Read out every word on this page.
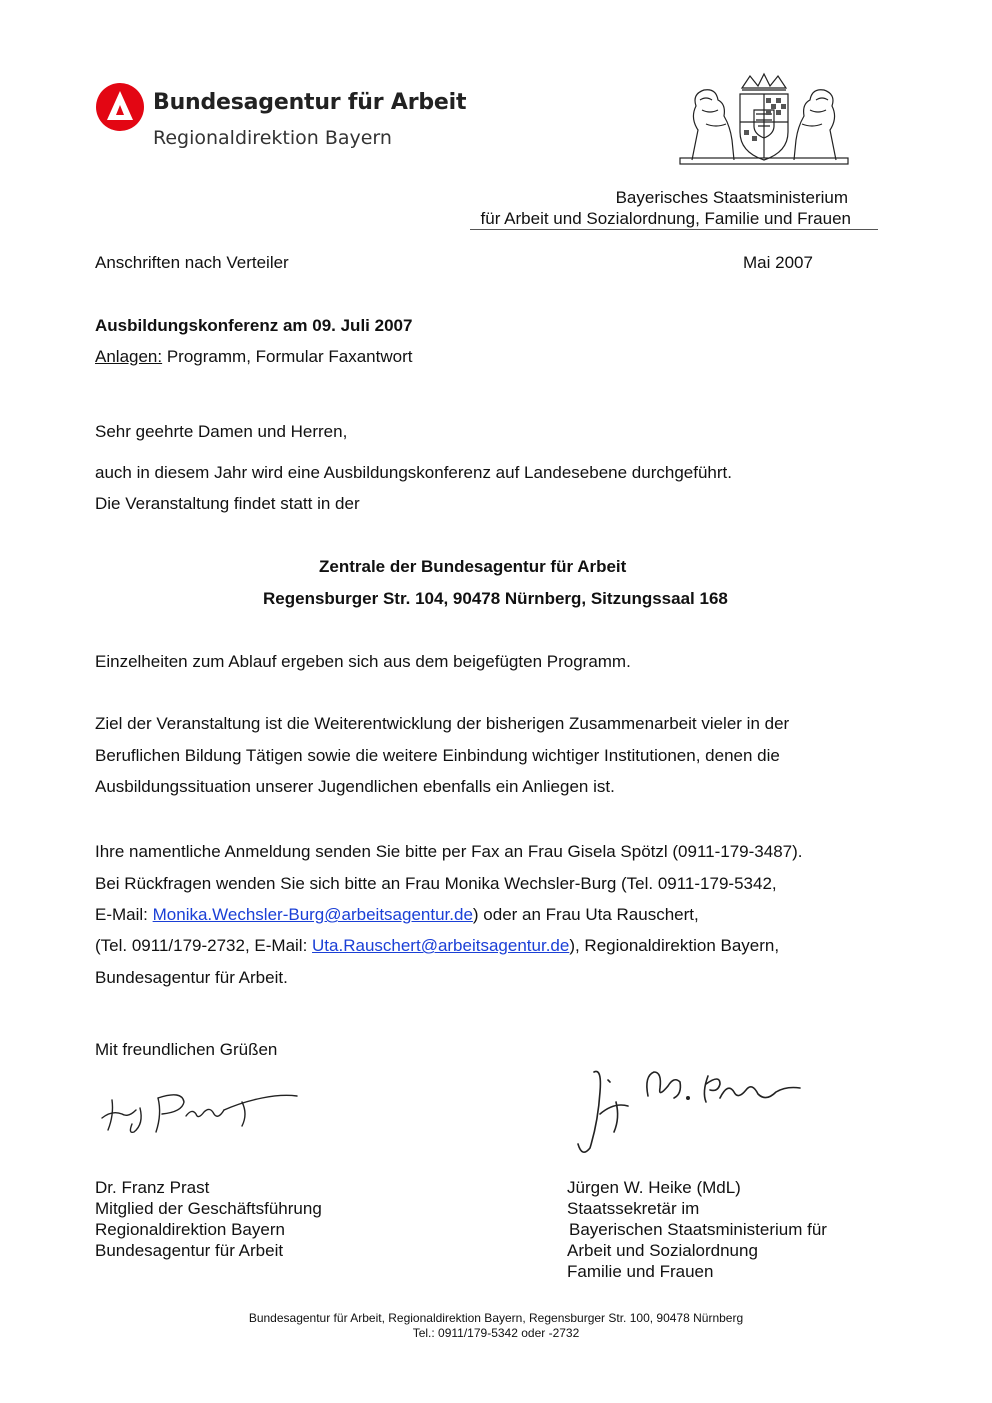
Bundesagentur für Arbeit
Regionaldirektion Bayern
Bayerisches Staatsministerium
für Arbeit und Sozialordnung, Familie und Frauen
Anschriften nach Verteiler	Mai 2007
Ausbildungskonferenz am 09. Juli 2007
Anlagen: Programm, Formular Faxantwort
Sehr geehrte Damen und Herren,
auch in diesem Jahr wird eine Ausbildungskonferenz auf Landesebene durchgeführt.
Die Veranstaltung findet statt in der
Zentrale der Bundesagentur für Arbeit
Regensburger Str. 104, 90478 Nürnberg, Sitzungssaal 168
Einzelheiten zum Ablauf ergeben sich aus dem beigefügten Programm.
Ziel der Veranstaltung ist die Weiterentwicklung der bisherigen Zusammenarbeit vieler in der
Beruflichen Bildung Tätigen sowie die weitere Einbindung wichtiger Institutionen, denen die
Ausbildungssituation unserer Jugendlichen ebenfalls ein Anliegen ist.
Ihre namentliche Anmeldung senden Sie bitte per Fax an Frau Gisela Spötzl (0911-179-3487).
Bei Rückfragen wenden Sie sich bitte an Frau Monika Wechsler-Burg (Tel. 0911-179-5342,
E-Mail: Monika.Wechsler-Burg@arbeitsagentur.de) oder an Frau Uta Rauschert,
(Tel. 0911/179-2732, E-Mail: Uta.Rauschert@arbeitsagentur.de), Regionaldirektion Bayern,
Bundesagentur für Arbeit.
Mit freundlichen Grüßen
Dr. Franz Prast
Mitglied der Geschäftsführung
Regionaldirektion Bayern
Bundesagentur für Arbeit
Jürgen W. Heike (MdL)
Staatssekretär im
Bayerischen Staatsministerium für
Arbeit und Sozialordnung
Familie und Frauen
Bundesagentur für Arbeit, Regionaldirektion Bayern, Regensburger Str. 100, 90478 Nürnberg
Tel.: 0911/179-5342 oder -2732
